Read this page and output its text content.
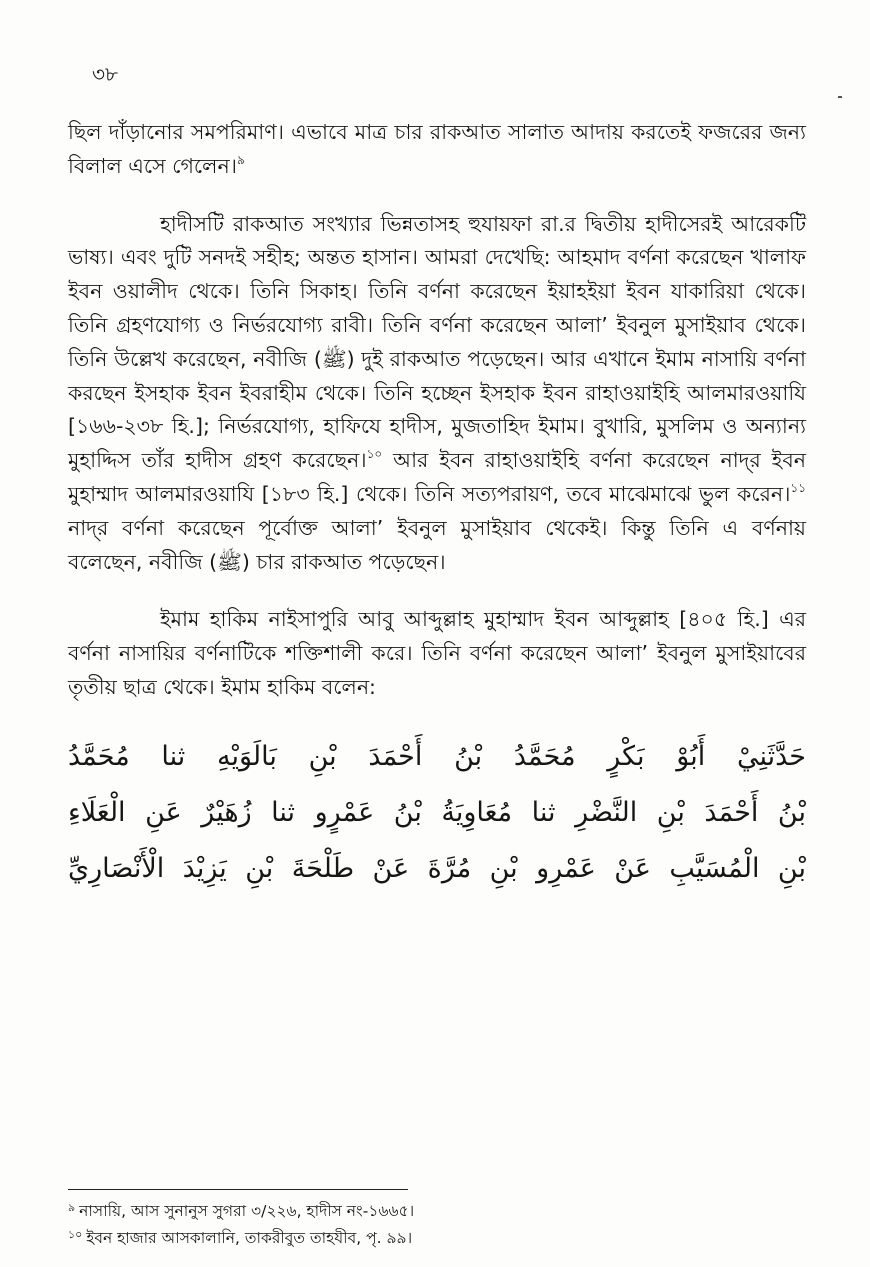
৩৮

ছিল দাঁড়ানোর সমপরিমাণ। এভাবে মাত্র চার রাকআত সালাত আদায় করতেই ফজরের জন্য বিলাল এসে গেলেন।$^৯$

হাদীসটি রাকআত সংখ্যার ভিন্নতাসহ হুযায়ফা রা.র দ্বিতীয় হাদীসেরই আরেকটি ভাষ্য। এবং দুটি সনদই সহীহ; অন্তত হাসান। আমরা দেখেছি: আহমাদ বর্ণনা করেছেন খালাফ ইবন ওয়ালীদ থেকে। তিনি সিকাহ। তিনি বর্ণনা করেছেন ইয়াহইয়া ইবন যাকারিয়া থেকে। তিনি গ্রহণযোগ্য ও নির্ভরযোগ্য রাবী। তিনি বর্ণনা করেছেন আলা’ ইবনুল মুসাইয়াব থেকে। তিনি উল্লেখ করেছেন, নবীজি (ﷺ) দুই রাকআত পড়েছেন। আর এখানে ইমাম নাসায়ি বর্ণনা করছেন ইসহাক ইবন ইবরাহীম থেকে। তিনি হচ্ছেন ইসহাক ইবন রাহাওয়াইহি আলমারওয়াযি [১৬৬-২৩৮ হি.]; নির্ভরযোগ্য, হাফিযে হাদীস, মুজতাহিদ ইমাম। বুখারি, মুসলিম ও অন্যান্য মুহাদ্দিস তাঁর হাদীস গ্রহণ করেছেন।$^{১০}$ আর ইবন রাহাওয়াইহি বর্ণনা করেছেন নাদ্‌র ইবন মুহাম্মাদ আলমারওয়াযি [১৮৩ হি.] থেকে। তিনি সত্যপরায়ণ, তবে মাঝেমাঝে ভুল করেন।$^{১১}$ নাদ্‌র বর্ণনা করেছেন পূর্বোক্ত আলা’ ইবনুল মুসাইয়াব থেকেই। কিন্তু তিনি এ বর্ণনায় বলেছেন, নবীজি (ﷺ) চার রাকআত পড়েছেন।

ইমাম হাকিম নাইসাপুরি আবু আব্দুল্লাহ মুহাম্মাদ ইবন আব্দুল্লাহ [৪০৫ হি.] এর বর্ণনা নাসায়ির বর্ণনাটিকে শক্তিশালী করে। তিনি বর্ণনা করেছেন আলা’ ইবনুল মুসাইয়াবের তৃতীয় ছাত্র থেকে। ইমাম হাকিম বলেন:

حَدَّثَنِيْ أَبُوْ بَكْرٍ مُحَمَّدُ بْنُ أَحْمَدَ بْنِ بَالَوَيْهِ ثنا مُحَمَّدُ
بْنُ أَحْمَدَ بْنِ النَّضْرِ ثنا مُعَاوِيَةُ بْنُ عَمْرٍو ثنا زُهَيْرٌ عَنِ الْعَلَاءِ
بْنِ الْمُسَيَّبِ عَنْ عَمْرِو بْنِ مُرَّةَ عَنْ طَلْحَةَ بْنِ يَزِيْدَ الْأَنْصَارِيِّ

$^৯$ নাসায়ি, আস সুনানুস সুগরা ৩/২২৬, হাদীস নং-১৬৬৫।

$^{১০}$ ইবন হাজার আসকালানি, তাকরীবুত তাহযীব, পৃ. ৯৯।
